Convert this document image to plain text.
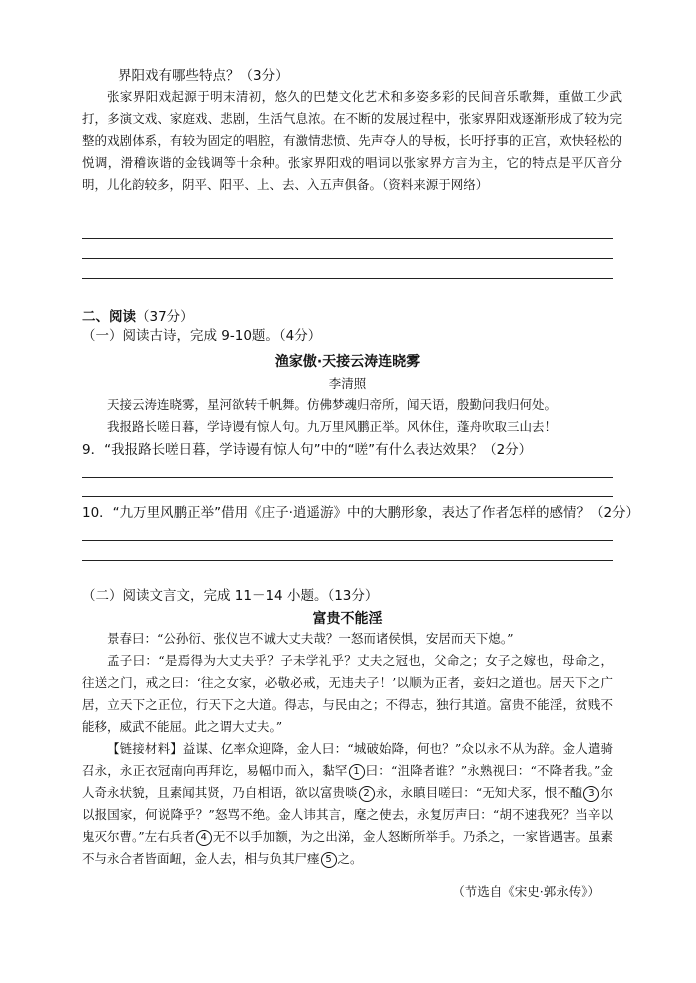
界阳戏有哪些特点？（3分）

张家界阳戏起源于明末清初，悠久的巴楚文化艺术和多姿多彩的民间音乐歌舞，重做工少武打，多演文戏、家庭戏、悲剧，生活气息浓。在不断的发展过程中，张家界阳戏逐渐形成了较为完整的戏剧体系，有较为固定的唱腔，有激情悲愤、先声夺人的导板，长吁抒事的正宫，欢快轻松的悦调，滑稽诙谐的金钱调等十余种。张家界阳戏的唱词以张家界方言为主，它的特点是平仄音分明，儿化韵较多，阴平、阳平、上、去、入五声俱备。（资料来源于网络）

二、阅读（37分）
（一）阅读古诗，完成 9-10题。（4分）
渔家傲·天接云涛连晓雾
李清照

天接云涛连晓雾，星河欲转千帆舞。仿佛梦魂归帝所，闻天语，殷勤问我归何处。

我报路长嗟日暮，学诗谩有惊人句。九万里风鹏正举。风休住，蓬舟吹取三山去！

9．“我报路长嗟日暮，学诗谩有惊人句”中的“嗟”有什么表达效果？（2分）
10．“九万里风鹏正举”借用《庄子·逍遥游》中的大鹏形象，表达了作者怎样的感情？（2分）
（二）阅读文言文，完成 11－14 小题。（13分）
富贵不能淫

景春曰：“公孙衍、张仪岂不诚大丈夫哉？一怒而诸侯惧，安居而天下熄。”

孟子曰：“是焉得为大丈夫乎？子未学礼乎？丈夫之冠也，父命之；女子之嫁也，母命之，往送之门，戒之曰：‘往之女家，必敬必戒，无违夫子！’以顺为正者，妾妇之道也。居天下之广居，立天下之正位，行天下之大道。得志，与民由之；不得志，独行其道。富贵不能淫，贫贱不能移，威武不能屈。此之谓大丈夫。”

【链接材料】益谋、亿率众迎降，金人曰：“城破始降，何也？”众以永不从为辞。金人遣骑召永，永正衣冠南向再拜讫，易幅巾而入，黏罕 1 曰：“沮降者谁？”永熟视曰：“不降者我。”金人奇永状貌，且素闻其贤，乃自相语，欲以富贵啖 2 永，永瞋目嗟曰：“无知犬豕，恨不醢 3 尔以报国家，何说降乎？”怒骂不绝。金人讳其言，麾之使去，永复厉声曰：“胡不速我死？当辛以鬼灭尔曹。”左右兵者 4 无不以手加额，为之出涕，金人怒断所举手。乃杀之，一家皆遇害。虽素不与永合者皆面衄，金人去，相与负其尸瘗 5 之。

（节选自《宋史·郭永传》）
